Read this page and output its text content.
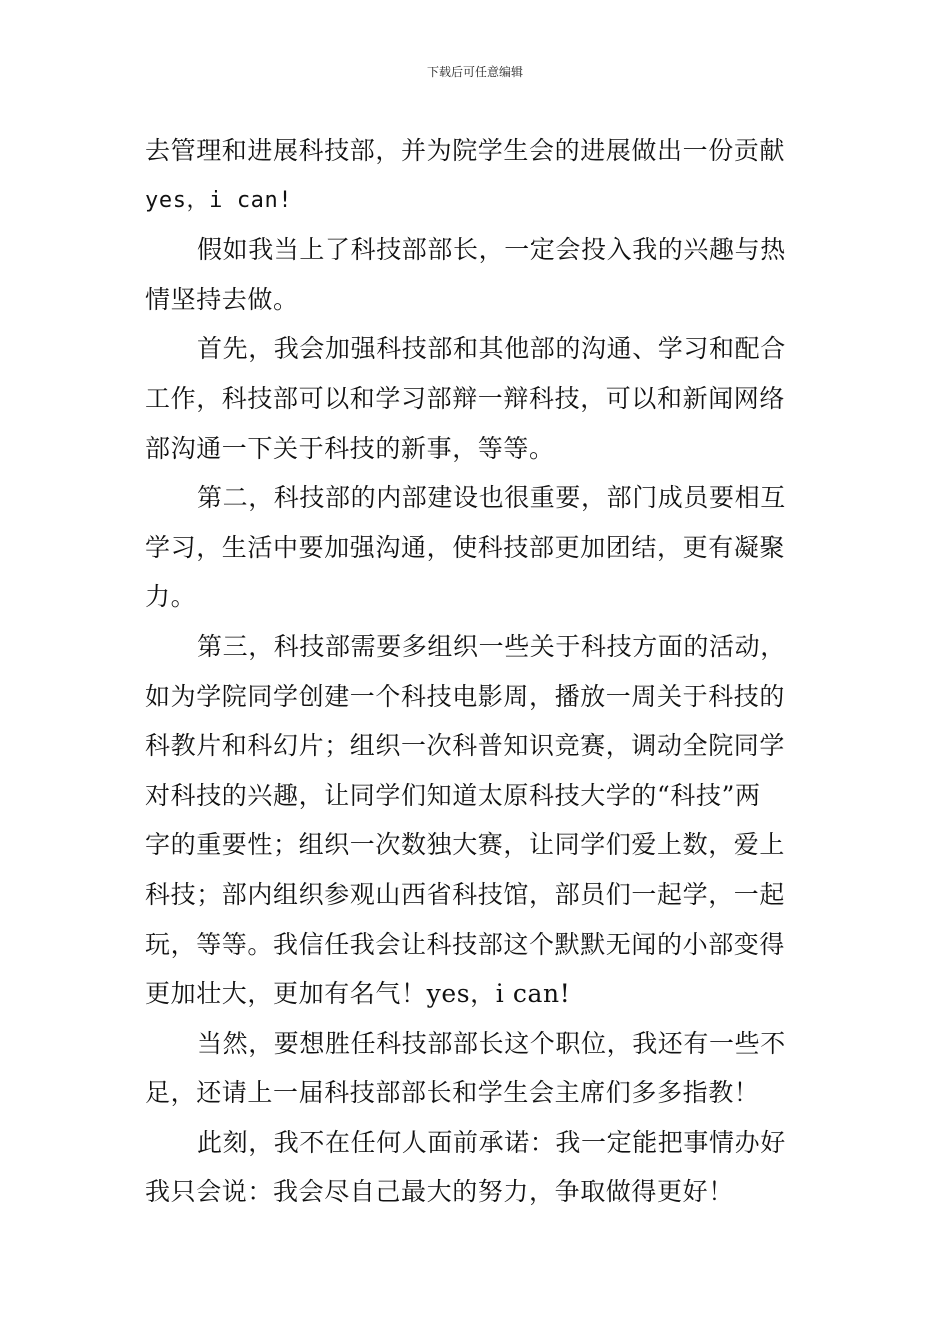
下载后可任意编辑
去管理和进展科技部，并为院学生会的进展做出一份贡献
yes，i can!
假如我当上了科技部部长，一定会投入我的兴趣与热
情坚持去做。
首先，我会加强科技部和其他部的沟通、学习和配合
工作，科技部可以和学习部辩一辩科技，可以和新闻网络
部沟通一下关于科技的新事，等等。
第二，科技部的内部建设也很重要，部门成员要相互
学习，生活中要加强沟通，使科技部更加团结，更有凝聚
力。
第三，科技部需要多组织一些关于科技方面的活动，
如为学院同学创建一个科技电影周，播放一周关于科技的
科教片和科幻片；组织一次科普知识竞赛，调动全院同学
对科技的兴趣，让同学们知道太原科技大学的“科技”两
字的重要性；组织一次数独大赛，让同学们爱上数，爱上
科技；部内组织参观山西省科技馆，部员们一起学，一起
玩，等等。我信任我会让科技部这个默默无闻的小部变得
更加壮大，更加有名气！yes，i can!
当然，要想胜任科技部部长这个职位，我还有一些不
足，还请上一届科技部部长和学生会主席们多多指教！
此刻，我不在任何人面前承诺：我一定能把事情办好
我只会说：我会尽自己最大的努力，争取做得更好！
